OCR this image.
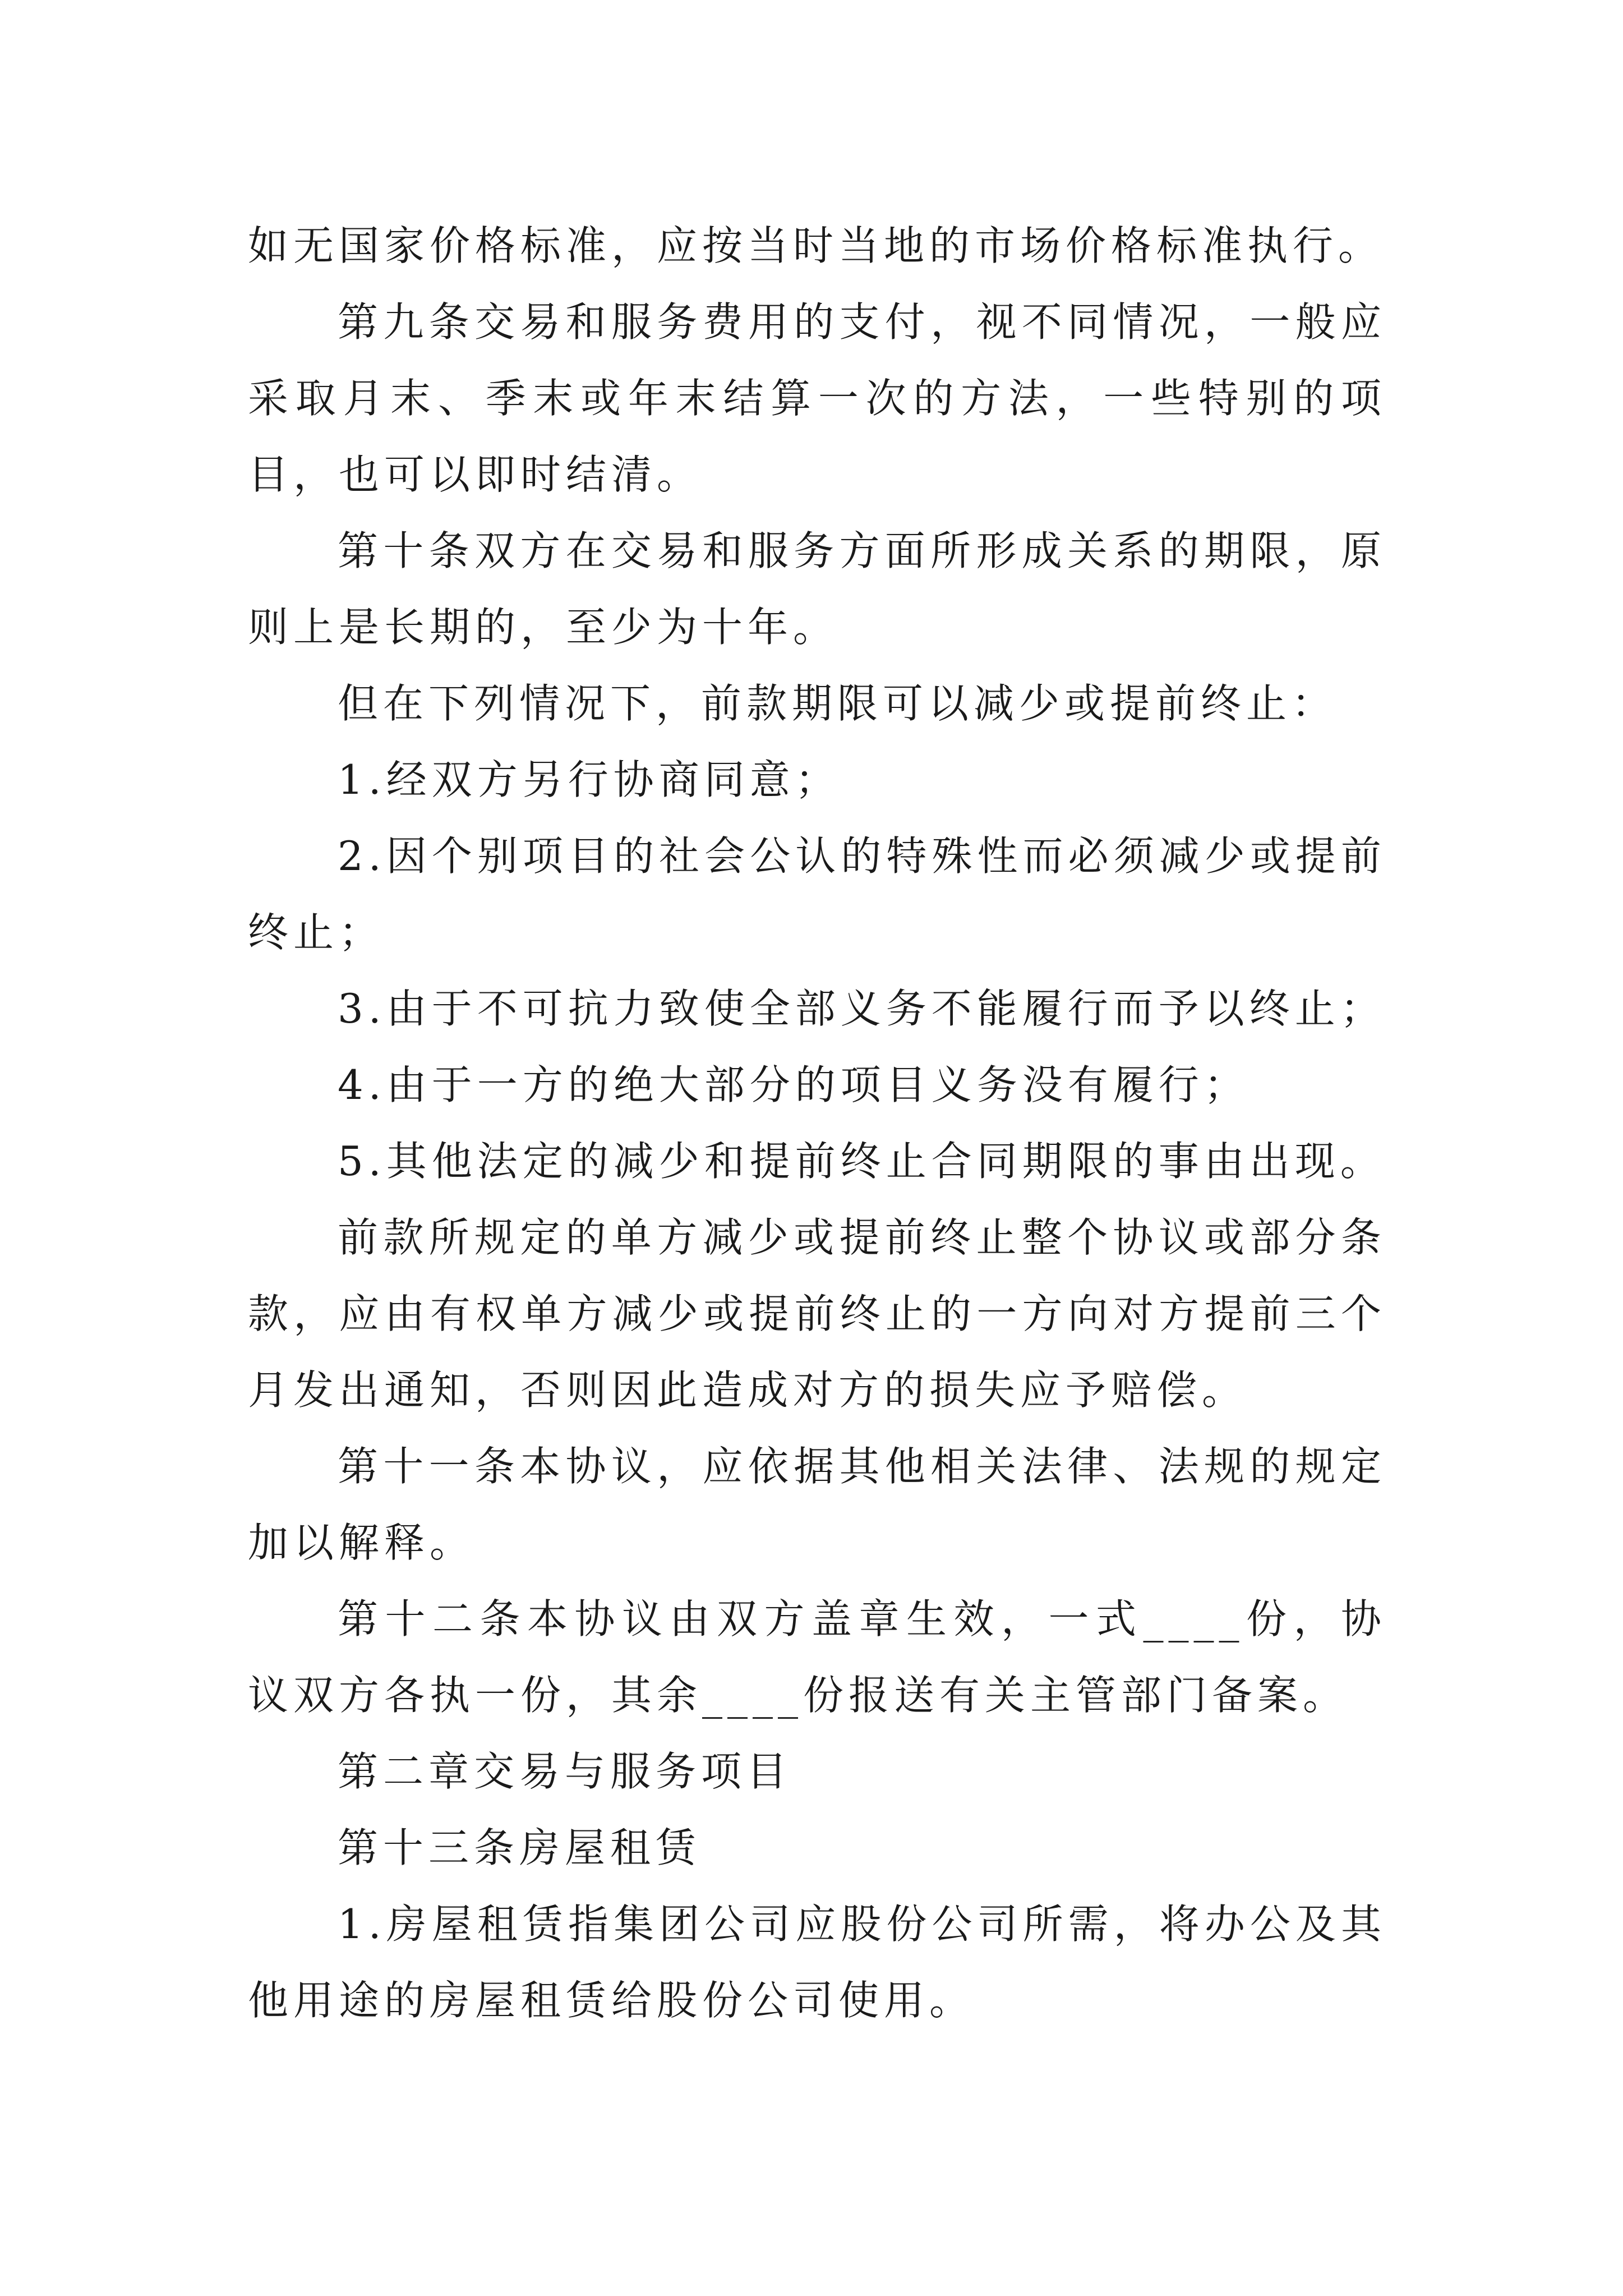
如无国家价格标准，应按当时当地的市场价格标准执行。

第九条交易和服务费用的支付，视不同情况，一般应采取月末、季末或年末结算一次的方法，一些特别的项目，也可以即时结清。

第十条双方在交易和服务方面所形成关系的期限，原则上是长期的，至少为十年。

但在下列情况下，前款期限可以减少或提前终止：

1.经双方另行协商同意；

2.因个别项目的社会公认的特殊性而必须减少或提前终止；

3.由于不可抗力致使全部义务不能履行而予以终止；

4.由于一方的绝大部分的项目义务没有履行；

5.其他法定的减少和提前终止合同期限的事由出现。

前款所规定的单方减少或提前终止整个协议或部分条款，应由有权单方减少或提前终止的一方向对方提前三个月发出通知，否则因此造成对方的损失应予赔偿。

第十一条本协议，应依据其他相关法律、法规的规定加以解释。

第十二条本协议由双方盖章生效，一式____份，协议双方各执一份，其余____份报送有关主管部门备案。

第二章交易与服务项目

第十三条房屋租赁

1.房屋租赁指集团公司应股份公司所需，将办公及其他用途的房屋租赁给股份公司使用。
